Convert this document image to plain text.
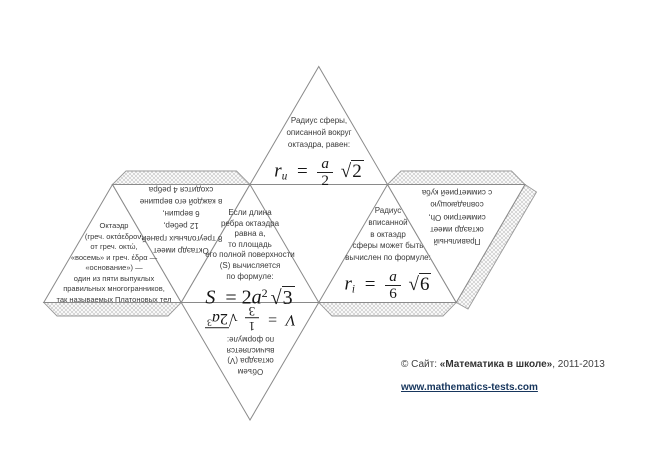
Радиус сферы,
описанной вокруг
октаэдра, равен:
$r_u = \frac{a}{2} √2$
Октаэдр
(греч. οκτάεδρον,
от греч. οκτώ,
«восемь» и греч. έδρα —
«основание») —
один из пяти выпуклых
правильных многогранников,
так называемых Платоновых тел
Октаэдр имеет
8 треугольных граней,
12 ребер,
6 вершин,
в каждой его вершине
сходится 4 ребра
Если длина
ребра октаэдра
равна a,
то площадь
его полной поверхности
(S) вычисляется
по формуле:
$S = 2a^2$ √3
Радиус
вписанной
в октаэдр
сферы может быть
вычислен по формуле:
$r_i = \frac{a}{6} √6$
Правильный
октаэдр имеет
симметрию Oh,
совпадающую
с симметрией куба
Объем
октаэдра (V)
вычисляется
по формуле:
V =
1
3
$√2a^3$
© Сайт: «Математика в школе», 2011-2013
www.mathematics-tests.com
